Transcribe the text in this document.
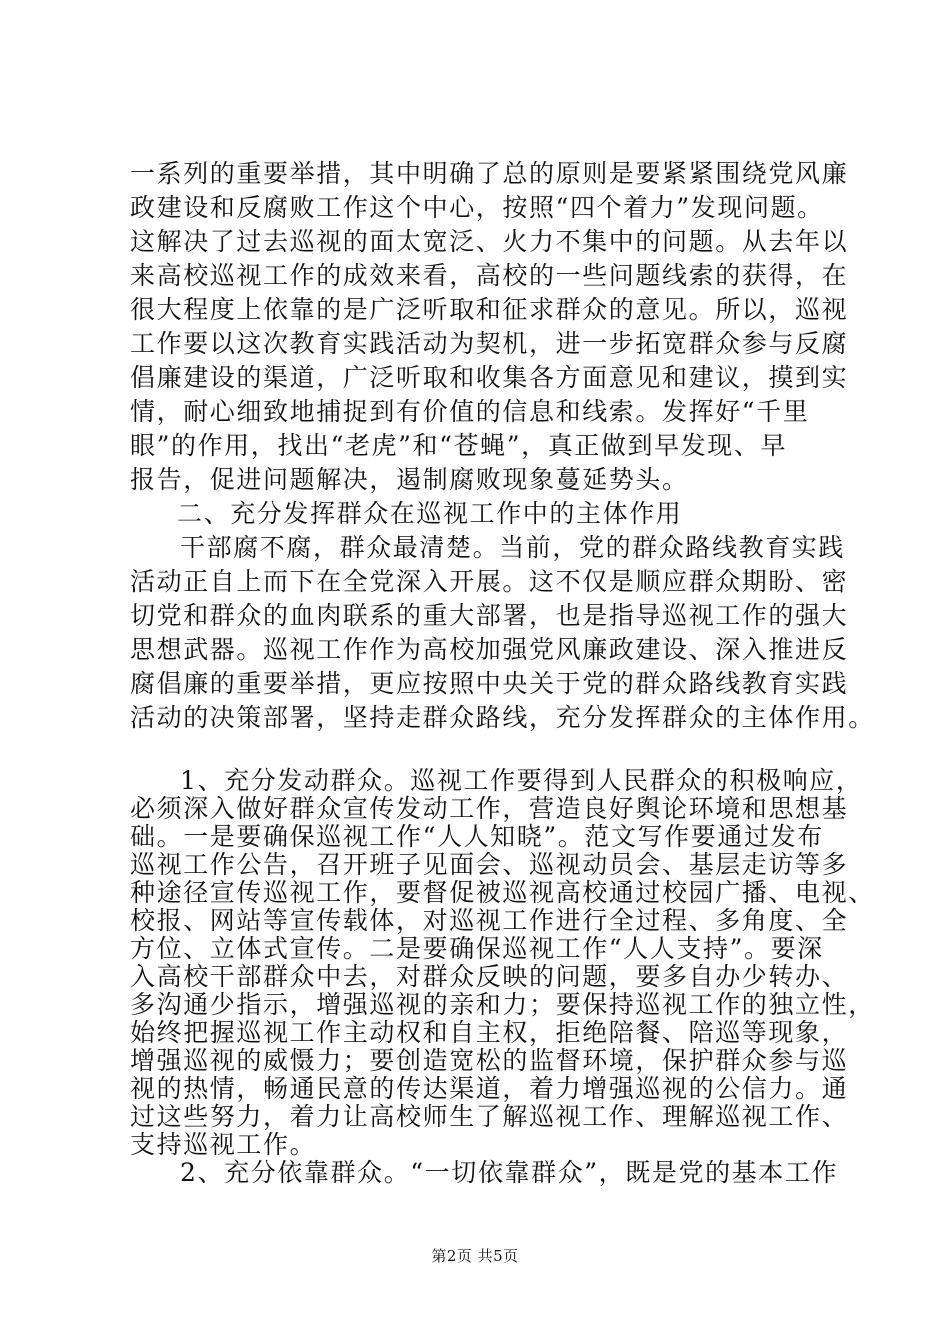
一系列的重要举措，其中明确了总的原则是要紧紧围绕党风廉
政建设和反腐败工作这个中心，按照“四个着力”发现问题。
这解决了过去巡视的面太宽泛、火力不集中的问题。从去年以
来高校巡视工作的成效来看，高校的一些问题线索的获得，在
很大程度上依靠的是广泛听取和征求群众的意见。所以，巡视
工作要以这次教育实践活动为契机，进一步拓宽群众参与反腐
倡廉建设的渠道，广泛听取和收集各方面意见和建议，摸到实
情，耐心细致地捕捉到有价值的信息和线索。发挥好“千里
眼”的作用，找出“老虎”和“苍蝇”，真正做到早发现、早
报告，促进问题解决，遏制腐败现象蔓延势头。
二、充分发挥群众在巡视工作中的主体作用
干部腐不腐，群众最清楚。当前，党的群众路线教育实践
活动正自上而下在全党深入开展。这不仅是顺应群众期盼、密
切党和群众的血肉联系的重大部署，也是指导巡视工作的强大
思想武器。巡视工作作为高校加强党风廉政建设、深入推进反
腐倡廉的重要举措，更应按照中央关于党的群众路线教育实践
活动的决策部署，坚持走群众路线，充分发挥群众的主体作用。
1、充分发动群众。巡视工作要得到人民群众的积极响应，
必须深入做好群众宣传发动工作，营造良好舆论环境和思想基
础。一是要确保巡视工作“人人知晓”。范文写作要通过发布
巡视工作公告，召开班子见面会、巡视动员会、基层走访等多
种途径宣传巡视工作，要督促被巡视高校通过校园广播、电视、
校报、网站等宣传载体，对巡视工作进行全过程、多角度、全
方位、立体式宣传。二是要确保巡视工作“人人支持”。要深
入高校干部群众中去，对群众反映的问题，要多自办少转办、
多沟通少指示，增强巡视的亲和力；要保持巡视工作的独立性，
始终把握巡视工作主动权和自主权，拒绝陪餐、陪巡等现象，
增强巡视的威慑力；要创造宽松的监督环境，保护群众参与巡
视的热情，畅通民意的传达渠道，着力增强巡视的公信力。通
过这些努力，着力让高校师生了解巡视工作、理解巡视工作、
支持巡视工作。
第2页 共5页
2、充分依靠群众。“一切依靠群众”，既是党的基本工作
